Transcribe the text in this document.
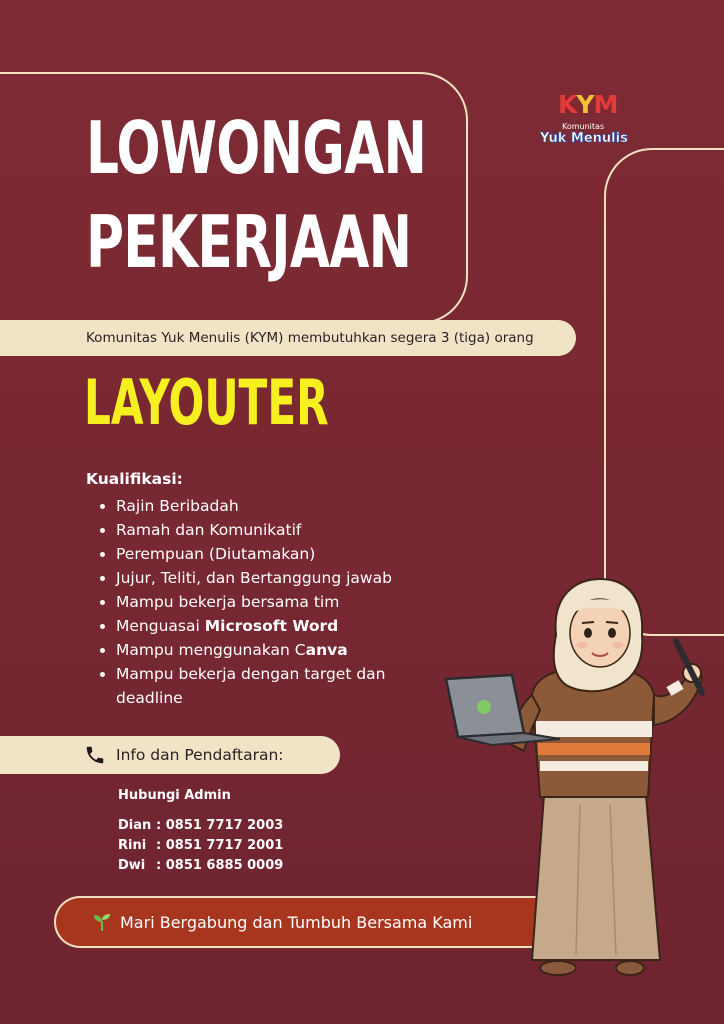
LOWONGAN
PEKERJAAN
KYM
Komunitas
Yuk Menulis
Komunitas Yuk Menulis (KYM) membutuhkan segera 3 (tiga) orang
LAYOUTER
Kualifikasi:
Rajin Beribadah
Ramah dan Komunikatif
Perempuan (Diutamakan)
Jujur, Teliti, dan Bertanggung jawab
Mampu bekerja bersama tim
Menguasai Microsoft Word
Mampu menggunakan Canva
Mampu bekerja dengan target dan
deadline
Info dan Pendaftaran:
Hubungi Admin
Dian : 0851 7717 2003
Rini : 0851 7717 2001
Dwi : 0851 6885 0009
Mari Bergabung dan Tumbuh Bersama Kami
